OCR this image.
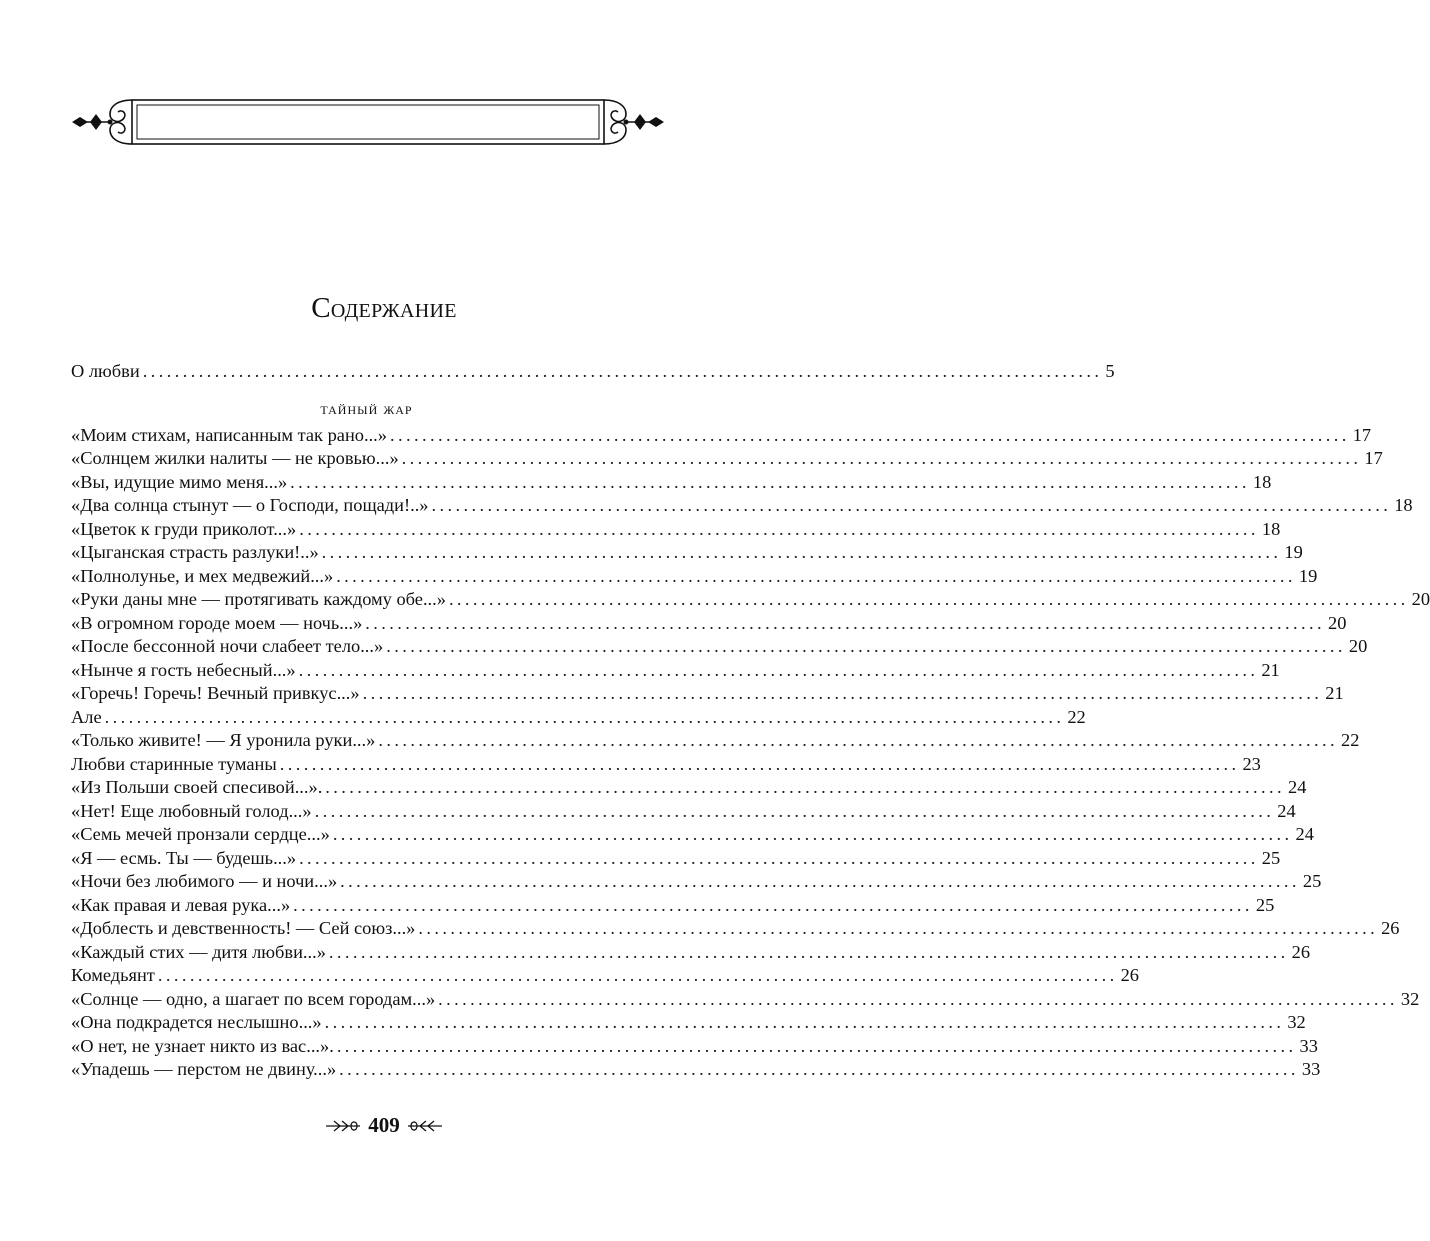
Содержание
О любви ........................................................................................................................ 5
тайный жар
«Моим стихам, написанным так рано...» ........................................................................................................................ 17
«Солнцем жилки налиты — не кровью...» ........................................................................................................................ 17
«Вы, идущие мимо меня...» ........................................................................................................................ 18
«Два солнца стынут — о Господи, пощади!..» ........................................................................................................................ 18
«Цветок к груди приколот...» ........................................................................................................................ 18
«Цыганская страсть разлуки!..» ........................................................................................................................ 19
«Полнолунье, и мех медвежий...» ........................................................................................................................ 19
«Руки даны мне — протягивать каждому обе...» ........................................................................................................................ 20
«В огромном городе моем — ночь...» ........................................................................................................................ 20
«После бессонной ночи слабеет тело...» ........................................................................................................................ 20
«Нынче я гость небесный...» ........................................................................................................................ 21
«Горечь! Горечь! Вечный привкус...» ........................................................................................................................ 21
Але ........................................................................................................................ 22
«Только живите! — Я уронила руки...» ........................................................................................................................ 22
Любви старинные туманы ........................................................................................................................ 23
«Из Польши своей спесивой...». ........................................................................................................................ 24
«Нет! Еще любовный голод...» ........................................................................................................................ 24
«Семь мечей пронзали сердце...» ........................................................................................................................ 24
«Я — есмь. Ты — будешь...» ........................................................................................................................ 25
«Ночи без любимого — и ночи...» ........................................................................................................................ 25
«Как правая и левая рука...» ........................................................................................................................ 25
«Доблесть и девственность! — Сей союз...» ........................................................................................................................ 26
«Каждый стих — дитя любви...» ........................................................................................................................ 26
Комедьянт ........................................................................................................................ 26
«Солнце — одно, а шагает по всем городам...» ........................................................................................................................ 32
«Она подкрадется неслышно...» ........................................................................................................................ 32
«О нет, не узнает никто из вас...». ........................................................................................................................ 33
«Упадешь — перстом не двину...» ........................................................................................................................ 33
409
